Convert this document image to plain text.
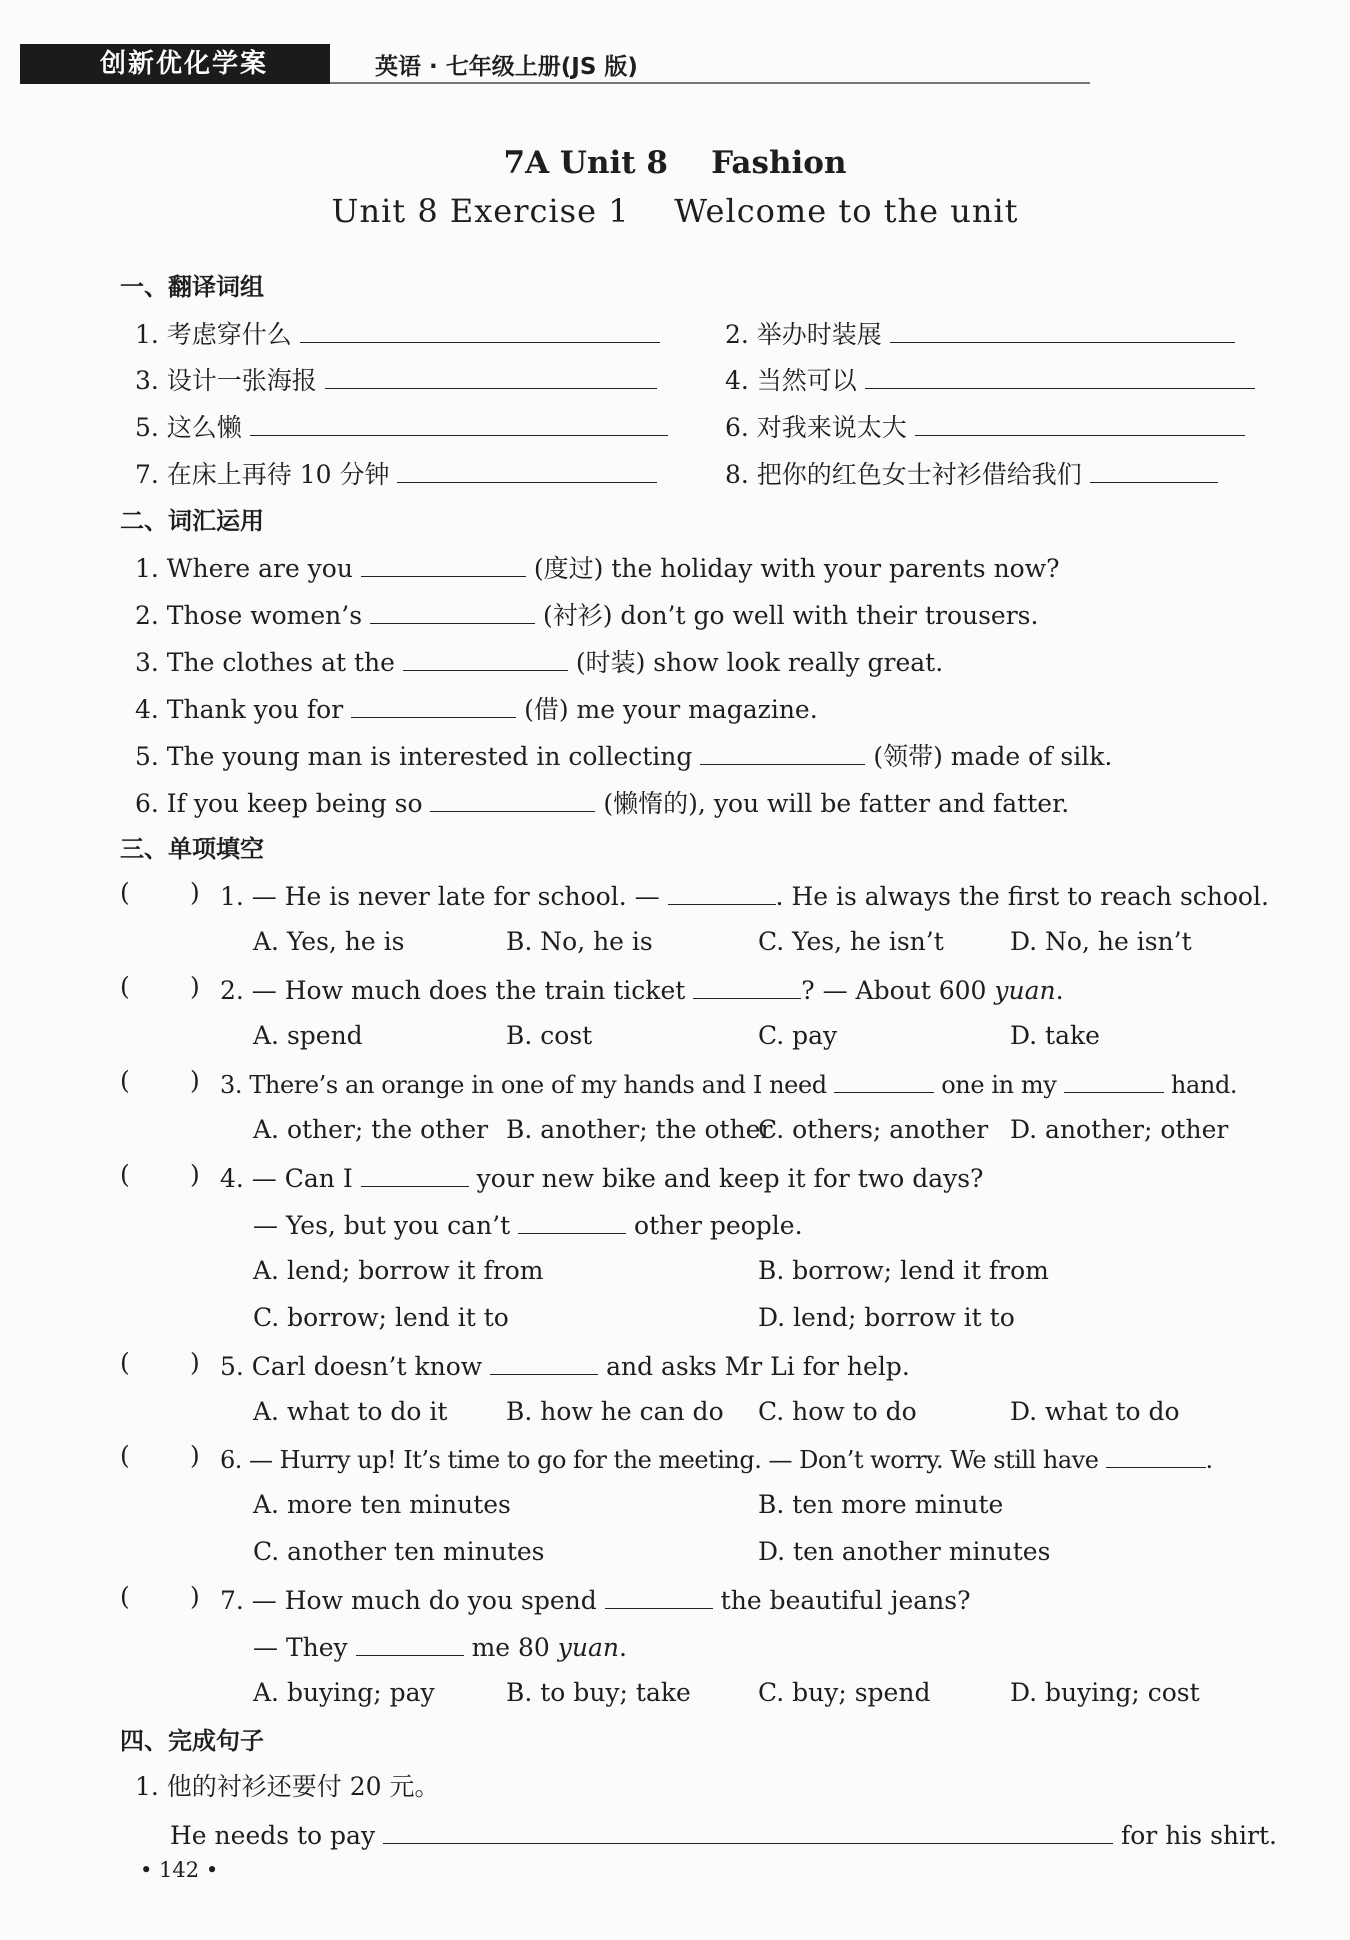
创新优化学案	英语 · 七年级上册(JS 版)
7A Unit 8    Fashion
Unit 8 Exercise 1    Welcome to the unit
一、翻译词组
1. 考虑穿什么	2. 举办时装展
3. 设计一张海报	4. 当然可以
5. 这么懒	6. 对我来说太大
7. 在床上再待 10 分钟	8. 把你的红色女士衬衫借给我们
二、词汇运用
1. Where are you	(度过) the holiday with your parents now?
2. Those women’s	(衬衫) don’t go well with their trousers.
3. The clothes at the	(时装) show look really great.
4. Thank you for	(借) me your magazine.
5. The young man is interested in collecting	(领带) made of silk.
6. If you keep being so	(懒惰的), you will be fatter and fatter.
三、单项填空
( ) 1. — He is never late for school. —	. He is always the first to reach school.
A. Yes, he is	B. No, he is	C. Yes, he isn’t	D. No, he isn’t
( ) 2. — How much does the train ticket	? — About 600 yuan.
A. spend	B. cost	C. pay	D. take
( ) 3. There’s an orange in one of my hands and I need	one in my	hand.
A. other; the other B. another; the other
C. others; another D. another; other
( ) 4. — Can I	your new bike and keep it for two days?
— Yes, but you can’t	other people.
A. lend; borrow it from	B. borrow; lend it from
C. borrow; lend it to	D. lend; borrow it to
( ) 5. Carl doesn’t know	and asks Mr Li for help.
A. what to do it B. how he can do C. how to do	D. what to do
( ) 6. — Hurry up! It’s time to go for the meeting. — Don’t worry. We still have	.
A. more ten minutes	B. ten more minute
C. another ten minutes	D. ten another minutes
( ) 7. — How much do you spend	the beautiful jeans?
— They	me 80 yuan.
A. buying; pay	B. to buy; take	C. buy; spend	D. buying; cost
四、完成句子
1. 他的衬衫还要付 20 元。
He needs to pay	for his shirt.
• 142 •
